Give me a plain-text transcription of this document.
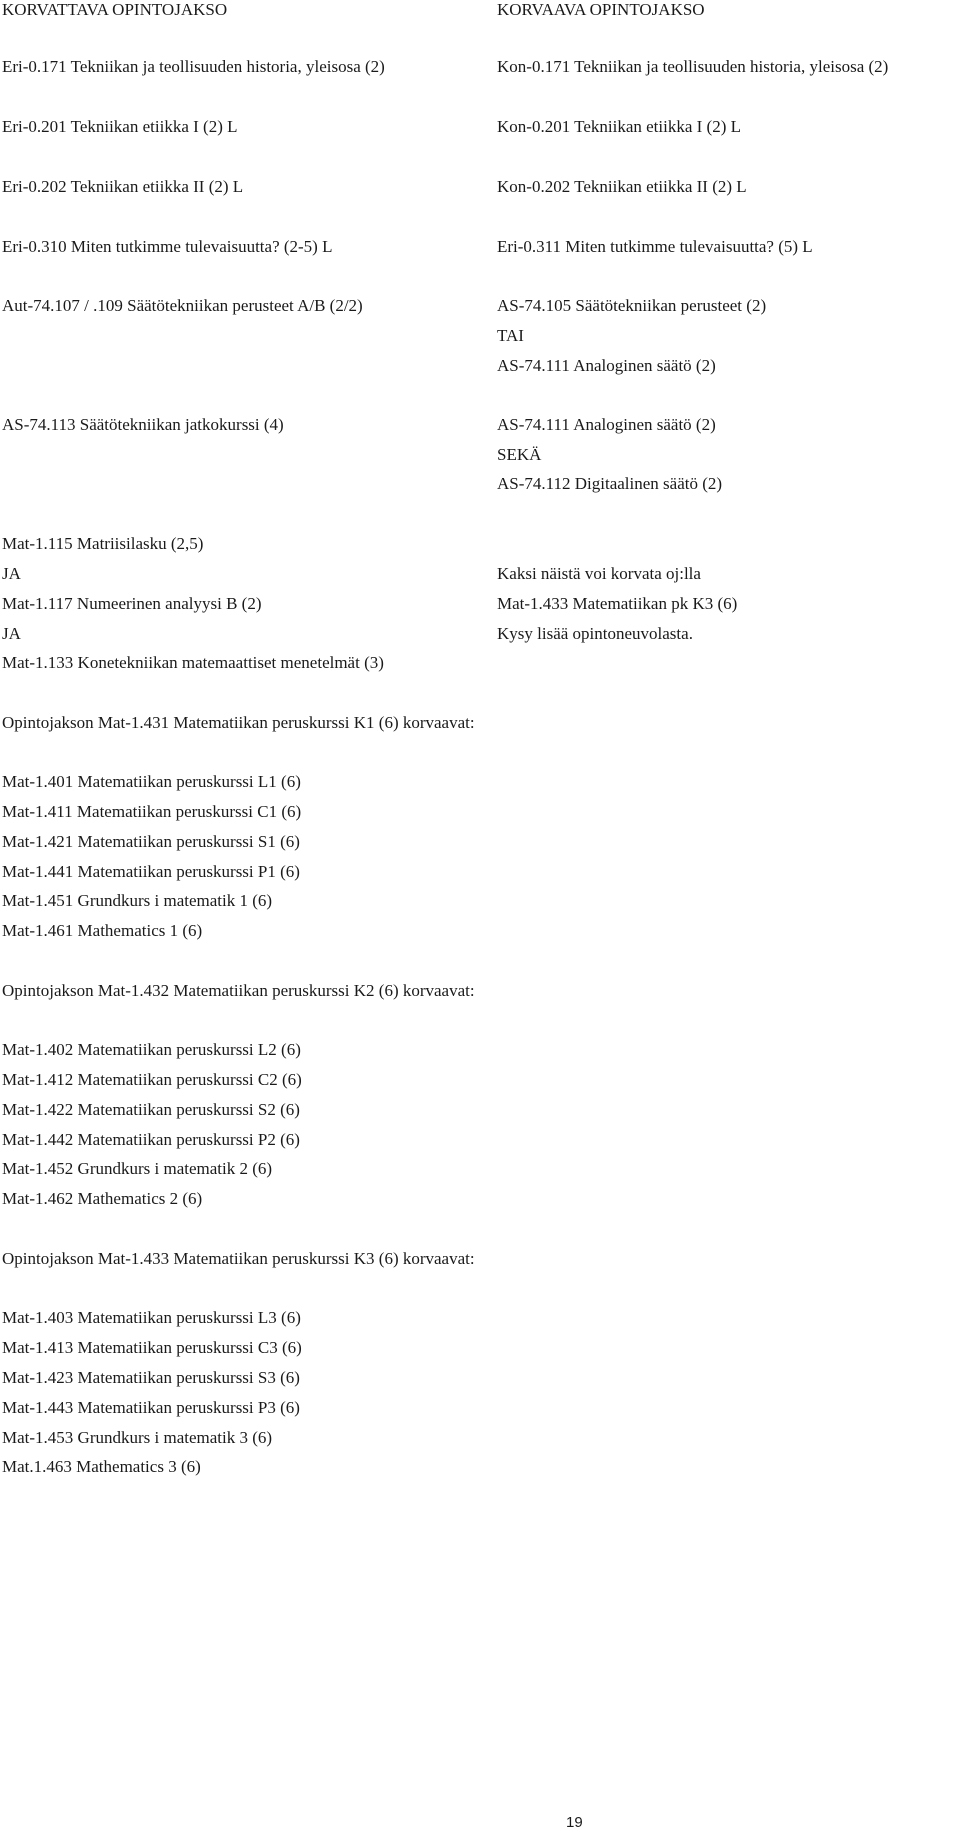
KORVATTAVA OPINTOJAKSO	KORVAAVA OPINTOJAKSO
Eri-0.171 Tekniikan ja teollisuuden historia, yleisosa (2)	Kon-0.171 Tekniikan ja teollisuuden historia, yleisosa (2)
Eri-0.201 Tekniikan etiikka I (2) L	Kon-0.201 Tekniikan etiikka I (2) L
Eri-0.202 Tekniikan etiikka II (2) L	Kon-0.202 Tekniikan etiikka II (2) L
Eri-0.310 Miten tutkimme tulevaisuutta? (2-5) L	Eri-0.311 Miten tutkimme tulevaisuutta? (5) L
Aut-74.107 / .109 Säätötekniikan perusteet A/B (2/2)	AS-74.105 Säätötekniikan perusteet (2)
TAI
AS-74.111 Analoginen säätö (2)
AS-74.113 Säätötekniikan jatkokurssi (4)	AS-74.111 Analoginen säätö (2)
SEKÄ
AS-74.112 Digitaalinen säätö (2)
Mat-1.115 Matriisilasku (2,5)
JA	Kaksi näistä voi korvata oj:lla
Mat-1.117 Numeerinen analyysi B (2)	Mat-1.433 Matematiikan pk K3 (6)
JA	Kysy lisää opintoneuvolasta.
Mat-1.133 Konetekniikan matemaattiset menetelmät (3)
Opintojakson Mat-1.431 Matematiikan peruskurssi K1 (6) korvaavat:
Mat-1.401 Matematiikan peruskurssi L1 (6)
Mat-1.411 Matematiikan peruskurssi C1 (6)
Mat-1.421 Matematiikan peruskurssi S1 (6)
Mat-1.441 Matematiikan peruskurssi P1 (6)
Mat-1.451 Grundkurs i matematik 1 (6)
Mat-1.461 Mathematics 1 (6)
Opintojakson Mat-1.432 Matematiikan peruskurssi K2 (6) korvaavat:
Mat-1.402 Matematiikan peruskurssi L2 (6)
Mat-1.412 Matematiikan peruskurssi C2 (6)
Mat-1.422 Matematiikan peruskurssi S2 (6)
Mat-1.442 Matematiikan peruskurssi P2 (6)
Mat-1.452 Grundkurs i matematik 2 (6)
Mat-1.462 Mathematics 2 (6)
Opintojakson Mat-1.433 Matematiikan peruskurssi K3 (6) korvaavat:
Mat-1.403 Matematiikan peruskurssi L3 (6)
Mat-1.413 Matematiikan peruskurssi C3 (6)
Mat-1.423 Matematiikan peruskurssi S3 (6)
Mat-1.443 Matematiikan peruskurssi P3 (6)
Mat-1.453 Grundkurs i matematik 3 (6)
Mat.1.463 Mathematics 3 (6)
19
